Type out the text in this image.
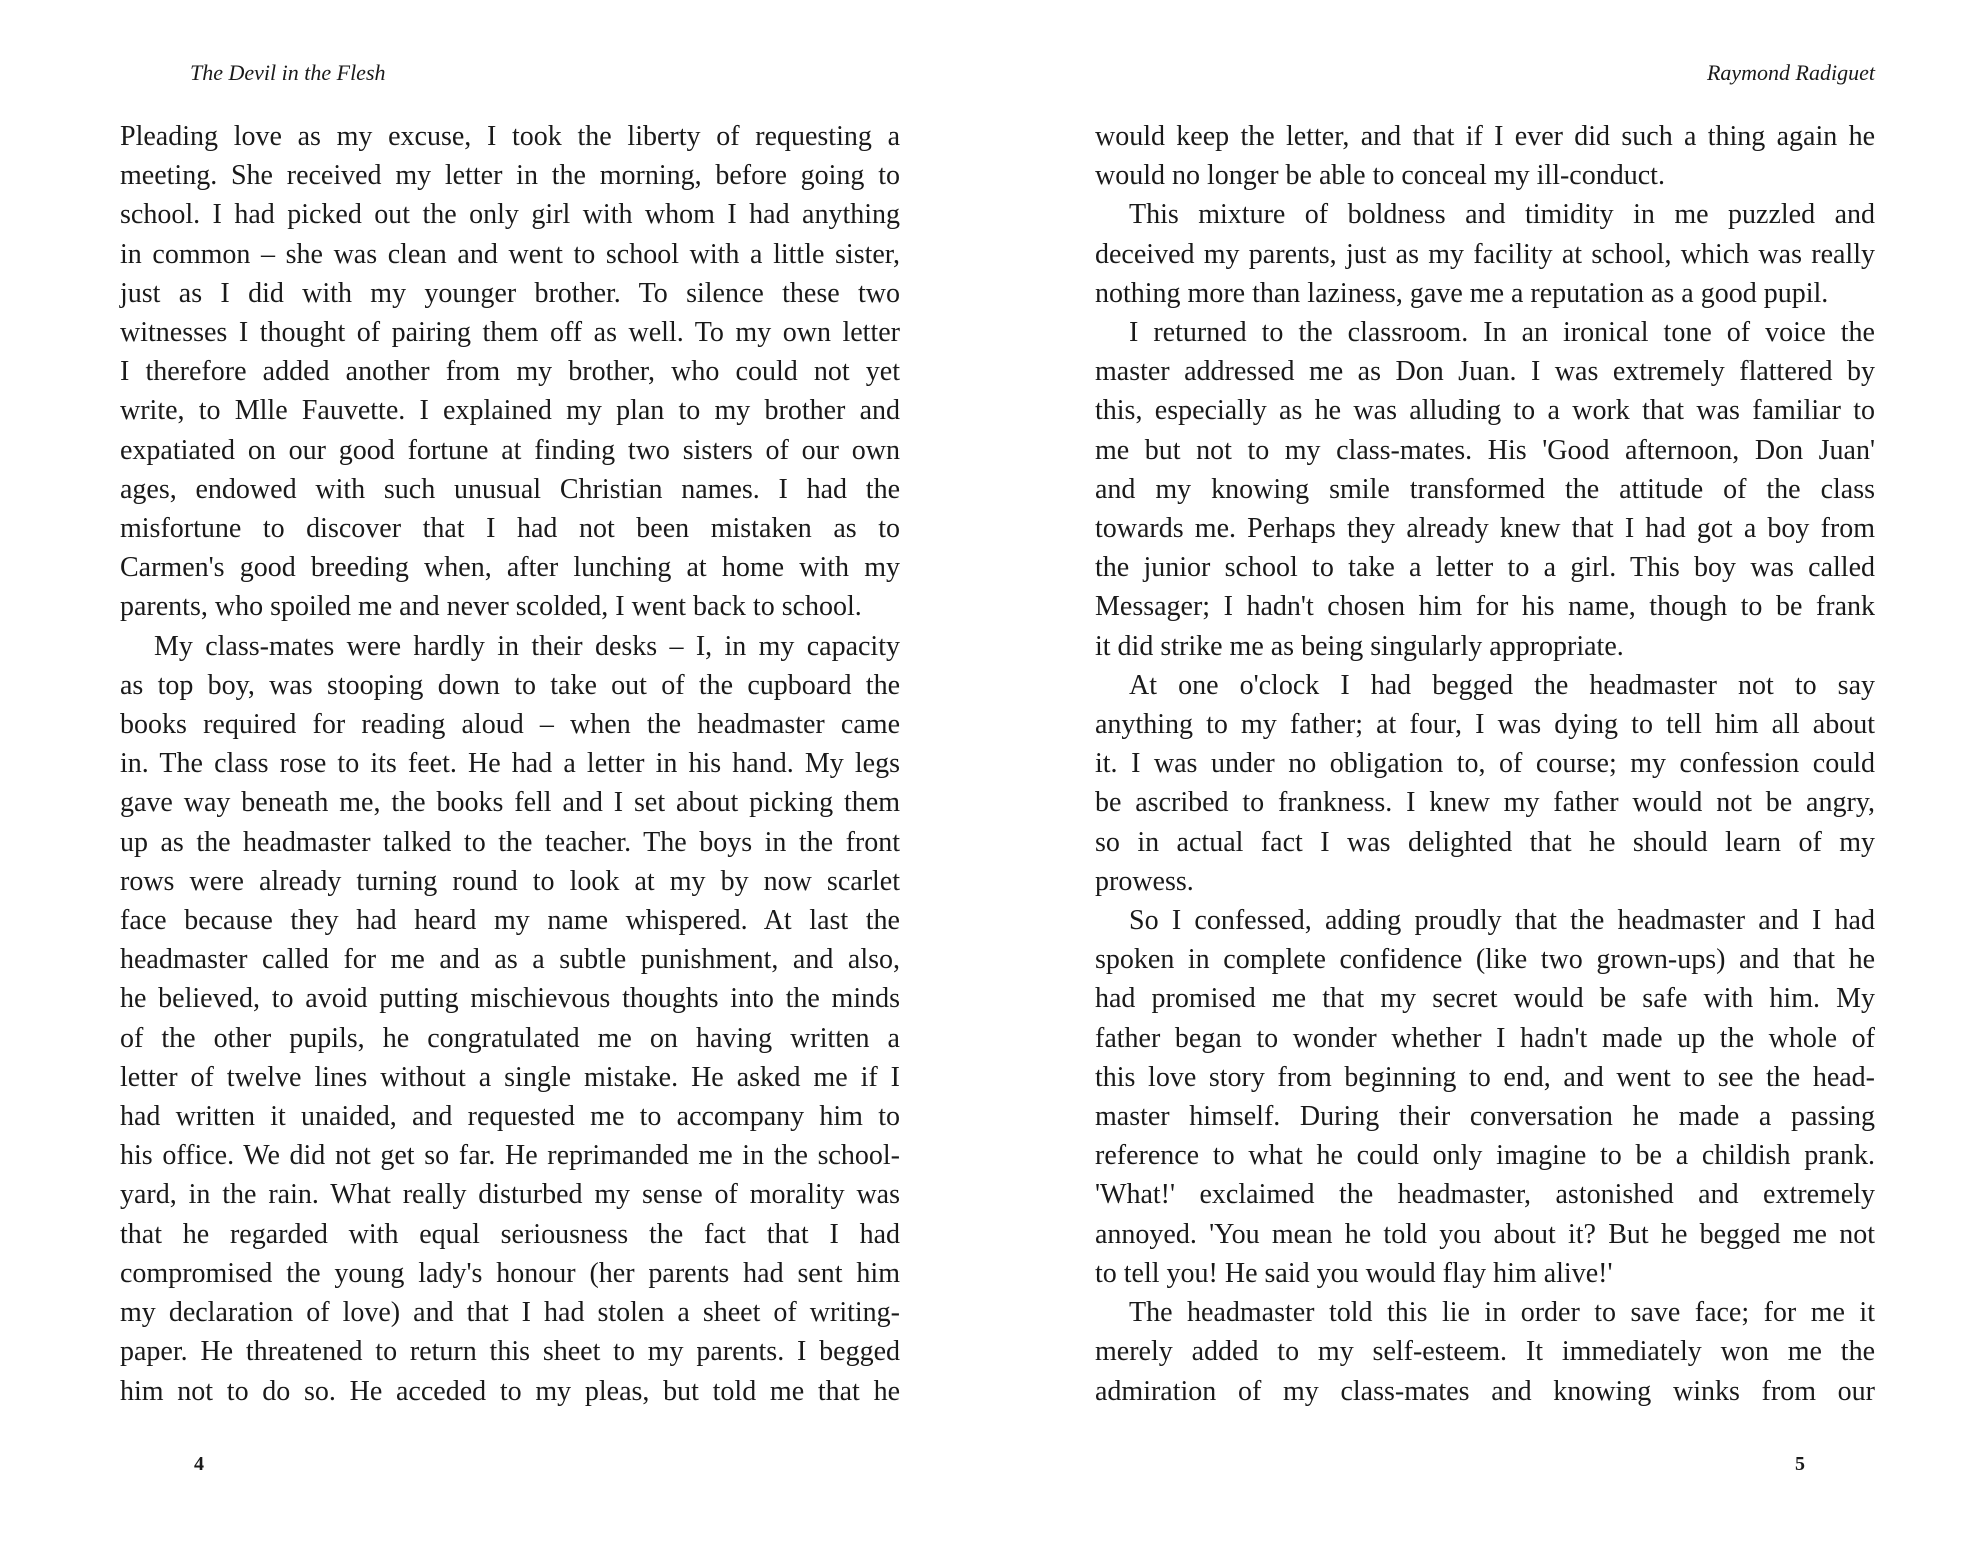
The Devil in the Flesh

Pleading love as my excuse, I took the liberty of requesting a

meeting. She received my letter in the morning, before going to

school. I had picked out the only girl with whom I had anything

in common – she was clean and went to school with a little sister,

just as I did with my younger brother. To silence these two

witnesses I thought of pairing them off as well. To my own letter

I therefore added another from my brother, who could not yet

write, to Mlle Fauvette. I explained my plan to my brother and

expatiated on our good fortune at finding two sisters of our own

ages, endowed with such unusual Christian names. I had the

misfortune to discover that I had not been mistaken as to

Carmen's good breeding when, after lunching at home with my

parents, who spoiled me and never scolded, I went back to school.

My class-mates were hardly in their desks – I, in my capacity

as top boy, was stooping down to take out of the cupboard the

books required for reading aloud – when the headmaster came

in. The class rose to its feet. He had a letter in his hand. My legs

gave way beneath me, the books fell and I set about picking them

up as the headmaster talked to the teacher. The boys in the front

rows were already turning round to look at my by now scarlet

face because they had heard my name whispered. At last the

headmaster called for me and as a subtle punishment, and also,

he believed, to avoid putting mischievous thoughts into the minds

of the other pupils, he congratulated me on having written a

letter of twelve lines without a single mistake. He asked me if I

had written it unaided, and requested me to accompany him to

his office. We did not get so far. He reprimanded me in the school-

yard, in the rain. What really disturbed my sense of morality was

that he regarded with equal seriousness the fact that I had

compromised the young lady's honour (her parents had sent him

my declaration of love) and that I had stolen a sheet of writing-

paper. He threatened to return this sheet to my parents. I begged

him not to do so. He acceded to my pleas, but told me that he

4
Raymond Radiguet

would keep the letter, and that if I ever did such a thing again he

would no longer be able to conceal my ill-conduct.

This mixture of boldness and timidity in me puzzled and

deceived my parents, just as my facility at school, which was really

nothing more than laziness, gave me a reputation as a good pupil.

I returned to the classroom. In an ironical tone of voice the

master addressed me as Don Juan. I was extremely flattered by

this, especially as he was alluding to a work that was familiar to

me but not to my class-mates. His 'Good afternoon, Don Juan'

and my knowing smile transformed the attitude of the class

towards me. Perhaps they already knew that I had got a boy from

the junior school to take a letter to a girl. This boy was called

Messager; I hadn't chosen him for his name, though to be frank

it did strike me as being singularly appropriate.

At one o'clock I had begged the headmaster not to say

anything to my father; at four, I was dying to tell him all about

it. I was under no obligation to, of course; my confession could

be ascribed to frankness. I knew my father would not be angry,

so in actual fact I was delighted that he should learn of my

prowess.

So I confessed, adding proudly that the headmaster and I had

spoken in complete confidence (like two grown-ups) and that he

had promised me that my secret would be safe with him. My

father began to wonder whether I hadn't made up the whole of

this love story from beginning to end, and went to see the head-

master himself. During their conversation he made a passing

reference to what he could only imagine to be a childish prank.

'What!' exclaimed the headmaster, astonished and extremely

annoyed. 'You mean he told you about it? But he begged me not

to tell you! He said you would flay him alive!'

The headmaster told this lie in order to save face; for me it

merely added to my self-esteem. It immediately won me the

admiration of my class-mates and knowing winks from our

5
